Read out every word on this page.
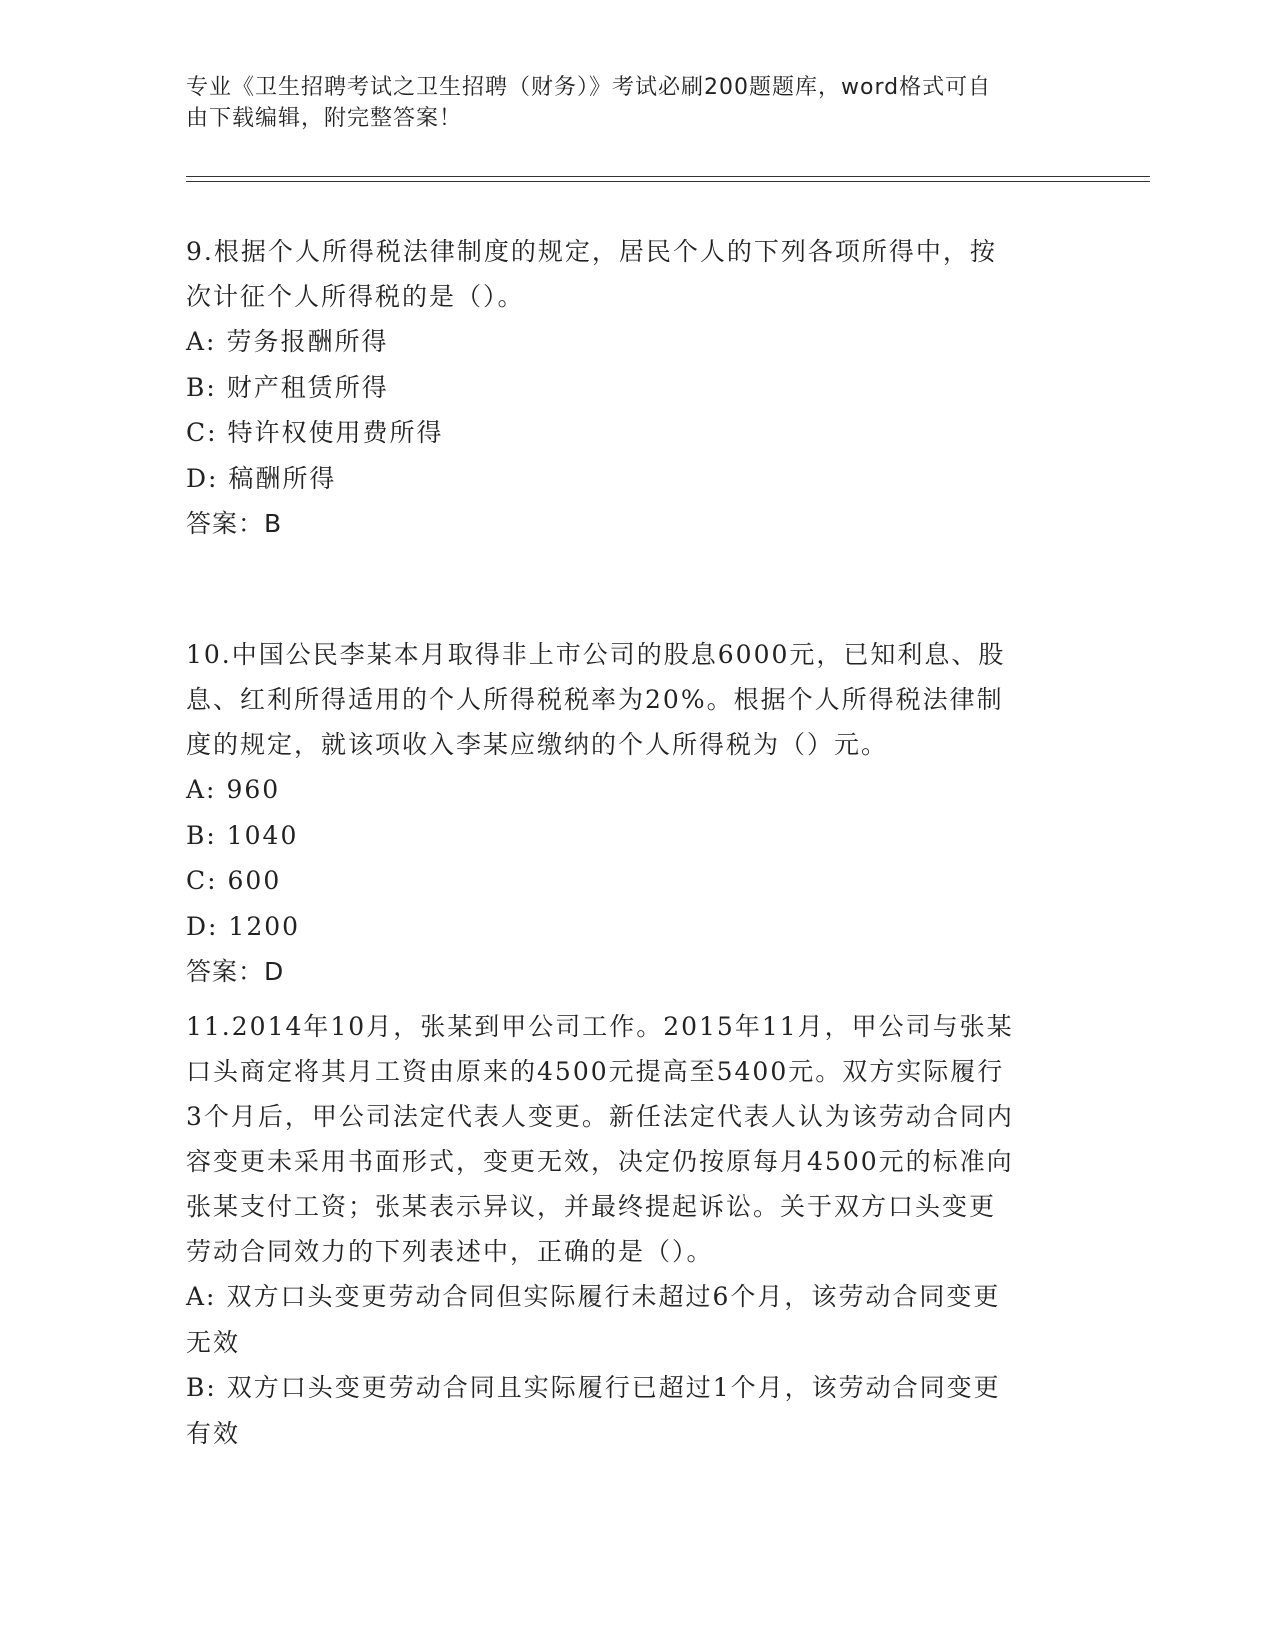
专业《卫生招聘考试之卫生招聘（财务）》考试必刷200题题库，word格式可自
由下载编辑，附完整答案！
9.根据个人所得税法律制度的规定，居民个人的下列各项所得中，按
次计征个人所得税的是（）。
A: 劳务报酬所得
B: 财产租赁所得
C: 特许权使用费所得
D: 稿酬所得
答案：B
10.中国公民李某本月取得非上市公司的股息6000元，已知利息、股
息、红利所得适用的个人所得税税率为20%。根据个人所得税法律制
度的规定，就该项收入李某应缴纳的个人所得税为（）元。
A: 960
B: 1040
C: 600
D: 1200
答案：D
11.2014年10月，张某到甲公司工作。2015年11月，甲公司与张某
口头商定将其月工资由原来的4500元提高至5400元。双方实际履行
3个月后，甲公司法定代表人变更。新任法定代表人认为该劳动合同内
容变更未采用书面形式，变更无效，决定仍按原每月4500元的标准向
张某支付工资；张某表示异议，并最终提起诉讼。关于双方口头变更
劳动合同效力的下列表述中，正确的是（）。
A: 双方口头变更劳动合同但实际履行未超过6个月，该劳动合同变更
无效
B: 双方口头变更劳动合同且实际履行已超过1个月，该劳动合同变更
有效
